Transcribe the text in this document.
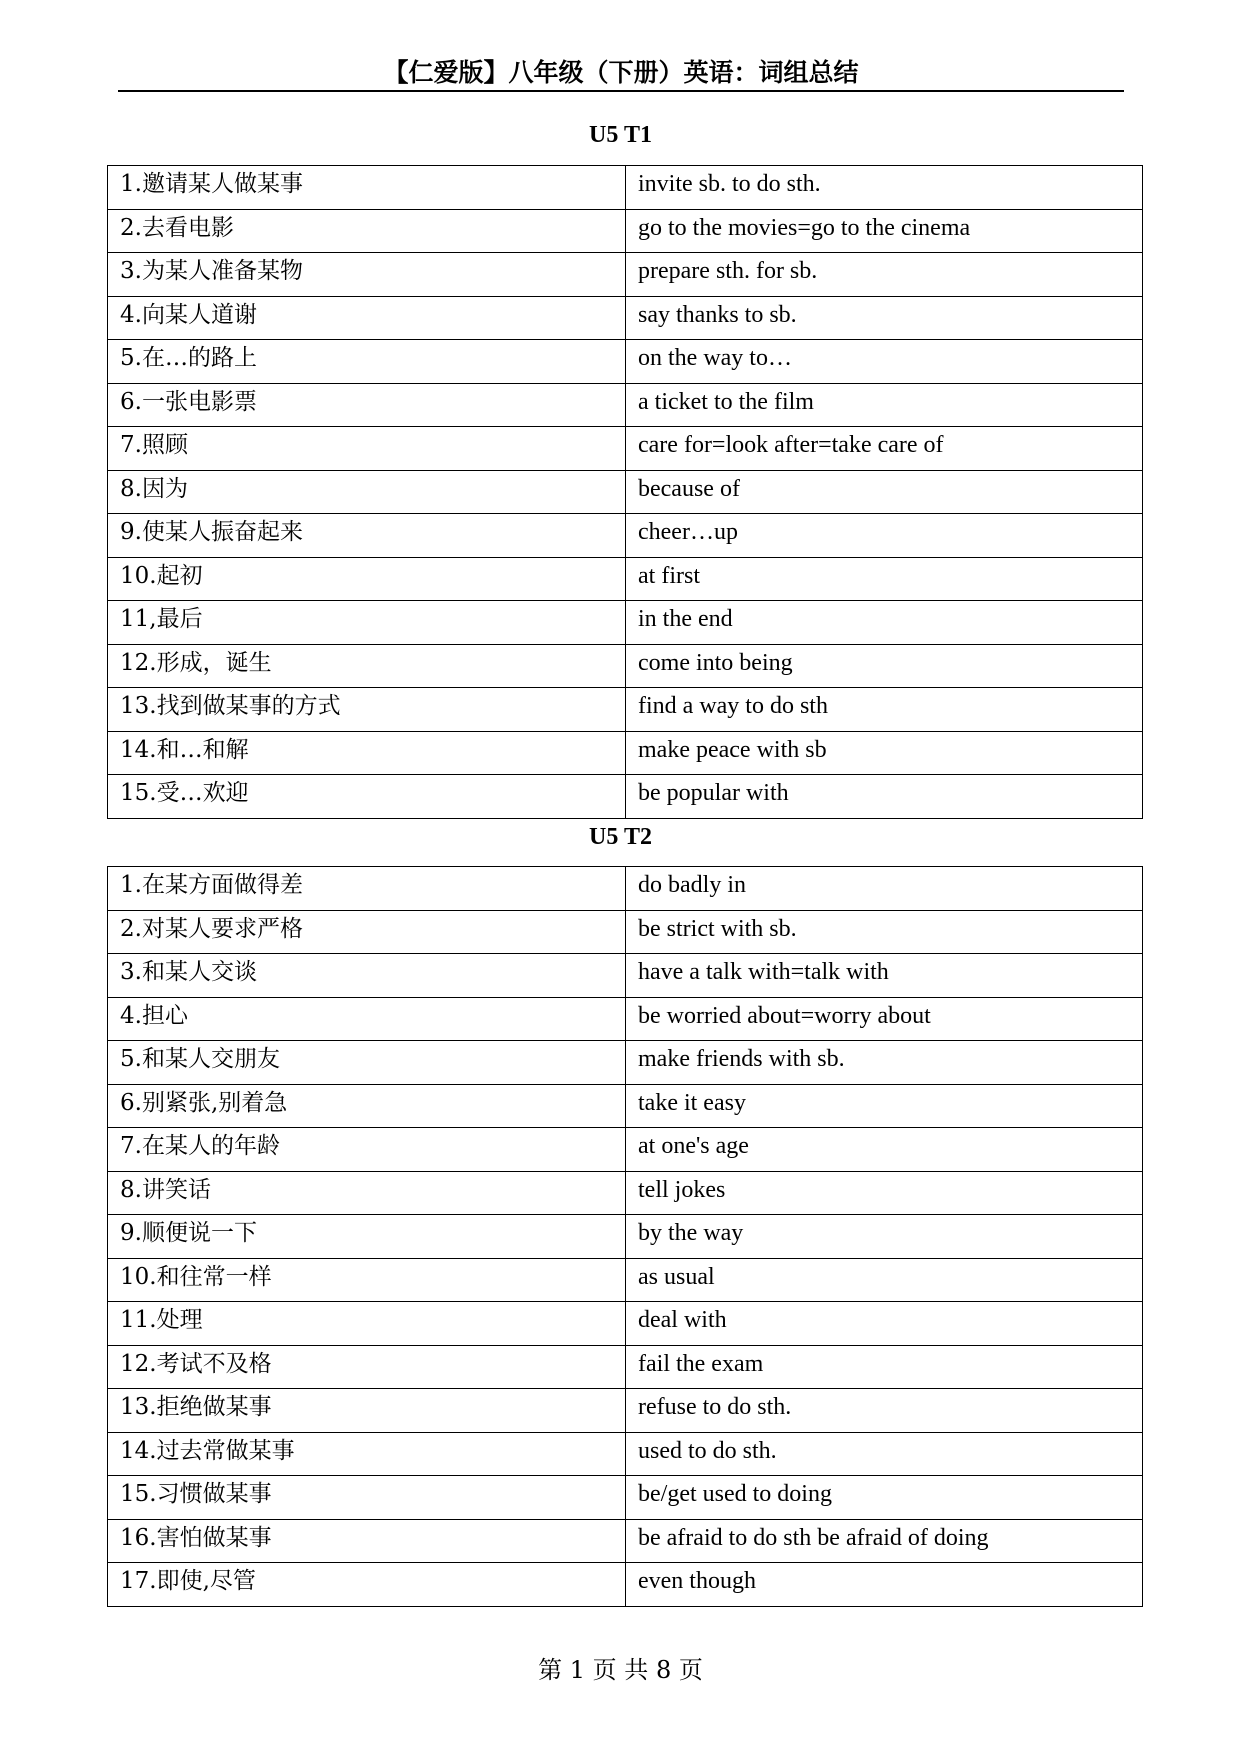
【仁爱版】八年级（下册）英语：词组总结
U5 T1
1.邀请某人做某事	invite sb. to do sth.
2.去看电影	go to the movies=go to the cinema
3.为某人准备某物	prepare sth. for sb.
4.向某人道谢	say thanks to sb.
5.在…的路上	on the way to…
6.一张电影票	a ticket to the film
7.照顾	care for=look after=take care of
8.因为	because of
9.使某人振奋起来	cheer…up
10.起初	at first
11,最后	in the end
12.形成，诞生	come into being
13.找到做某事的方式	find a way to do sth
14.和…和解	make peace with sb
15.受…欢迎	be popular with
U5 T2
1.在某方面做得差	do badly in
2.对某人要求严格	be strict with sb.
3.和某人交谈	have a talk with=talk with
4.担心	be worried about=worry about
5.和某人交朋友	make friends with sb.
6.别紧张,别着急	take it easy
7.在某人的年龄	at one's age
8.讲笑话	tell jokes
9.顺便说一下	by the way
10.和往常一样	as usual
11.处理	deal with
12.考试不及格	fail the exam
13.拒绝做某事	refuse to do sth.
14.过去常做某事	used to do sth.
15.习惯做某事	be/get used to doing
16.害怕做某事	be afraid to do sth be afraid of doing
17.即使,尽管	even though
第 1 页 共 8 页
